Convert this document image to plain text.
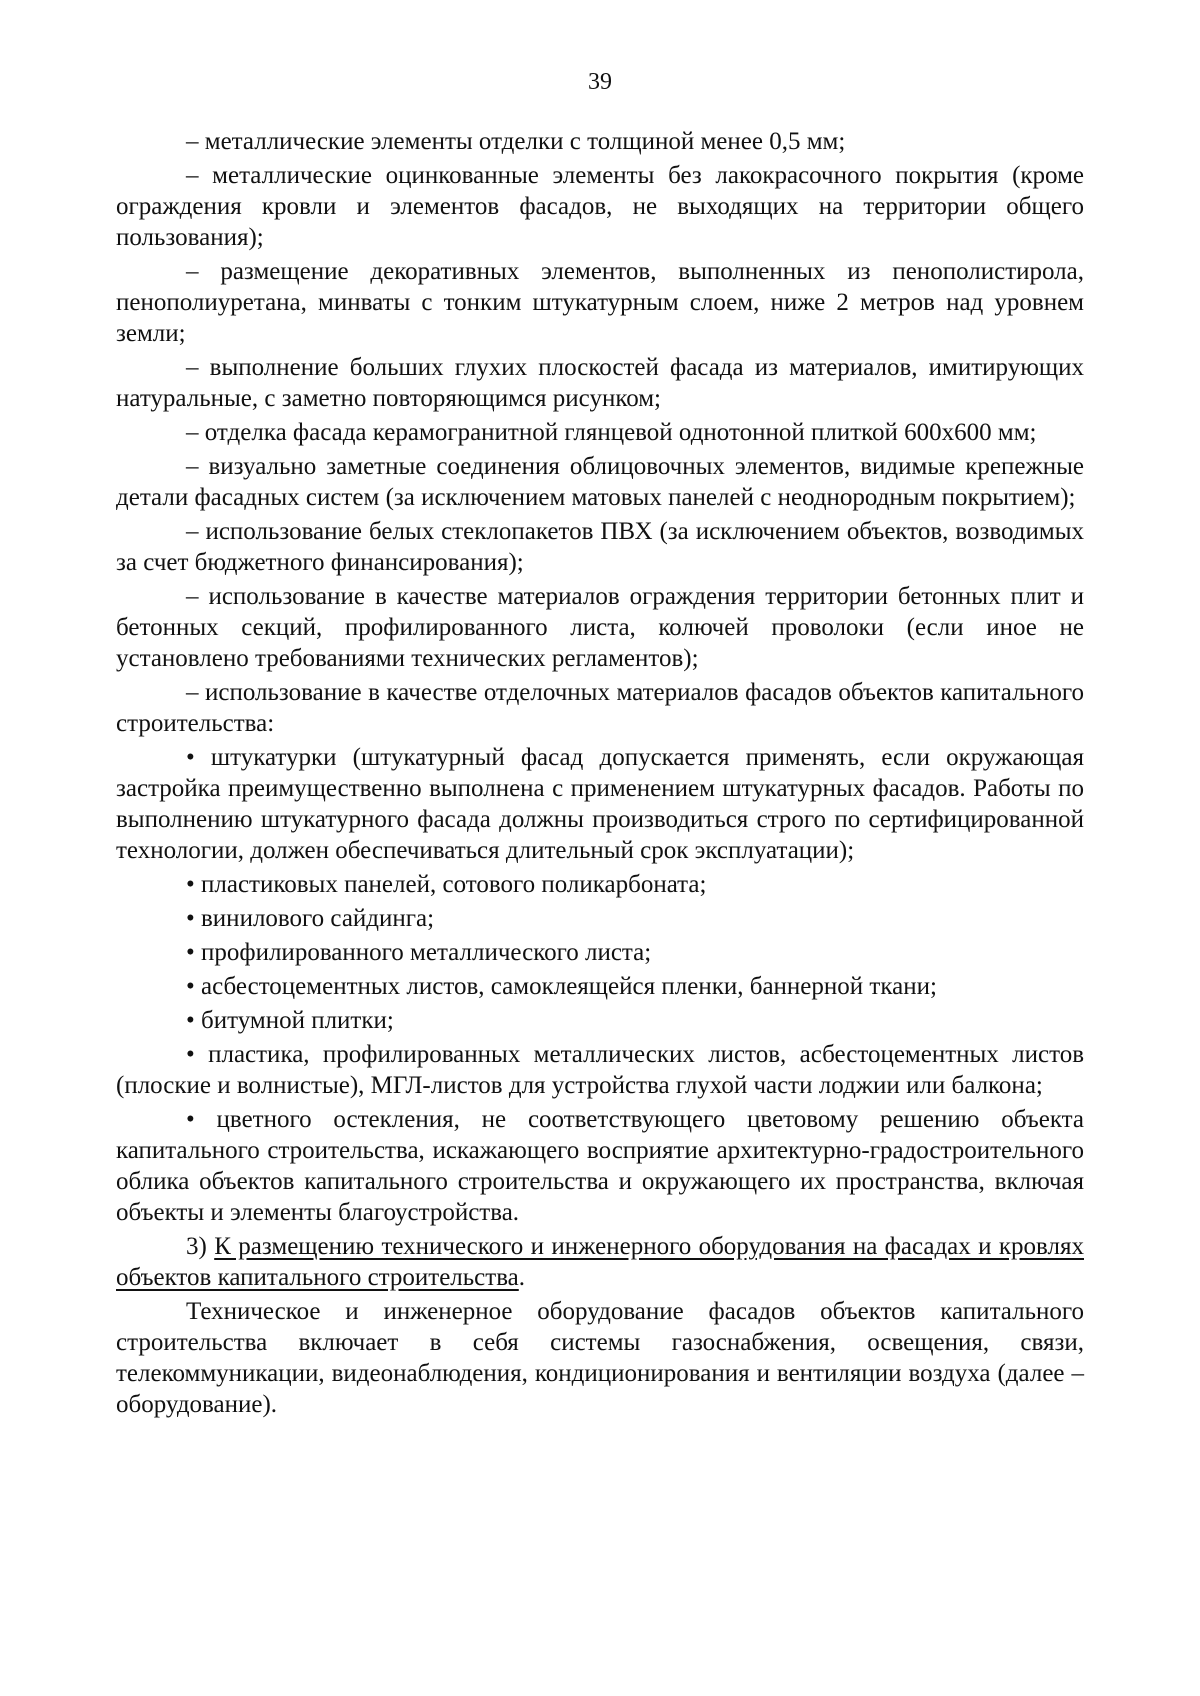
39

– металлические элементы отделки с толщиной менее 0,5 мм;

– металлические оцинкованные элементы без лакокрасочного покрытия (кроме ограждения кровли и элементов фасадов, не выходящих на территории общего пользования);

– размещение декоративных элементов, выполненных из пенополистирола, пенополиуретана, минваты с тонким штукатурным слоем, ниже 2 метров над уровнем земли;

– выполнение больших глухих плоскостей фасада из материалов, имитирующих натуральные, с заметно повторяющимся рисунком;

– отделка фасада керамогранитной глянцевой однотонной плиткой 600х600 мм;

– визуально заметные соединения облицовочных элементов, видимые крепежные детали фасадных систем (за исключением матовых панелей с неоднородным покрытием);

– использование белых стеклопакетов ПВХ (за исключением объектов, возводимых за счет бюджетного финансирования);

– использование в качестве материалов ограждения территории бетонных плит и бетонных секций, профилированного листа, колючей проволоки (если иное не установлено требованиями технических регламентов);

– использование в качестве отделочных материалов фасадов объектов капитального строительства:

• штукатурки (штукатурный фасад допускается применять, если окружающая застройка преимущественно выполнена с применением штукатурных фасадов. Работы по выполнению штукатурного фасада должны производиться строго по сертифицированной технологии, должен обеспечиваться длительный срок эксплуатации);

• пластиковых панелей, сотового поликарбоната;

• винилового сайдинга;

• профилированного металлического листа;

• асбестоцементных листов, самоклеящейся пленки, баннерной ткани;

• битумной плитки;

• пластика, профилированных металлических листов, асбестоцементных листов (плоские и волнистые), МГЛ-листов для устройства глухой части лоджии или балкона;

• цветного остекления, не соответствующего цветовому решению объекта капитального строительства, искажающего восприятие архитектурно-градостроительного облика объектов капитального строительства и окружающего их пространства, включая объекты и элементы благоустройства.

3) К размещению технического и инженерного оборудования на фасадах и кровлях объектов капитального строительства.

Техническое и инженерное оборудование фасадов объектов капитального строительства включает в себя системы газоснабжения, освещения, связи, телекоммуникации, видеонаблюдения, кондиционирования и вентиляции воздуха (далее – оборудование).
